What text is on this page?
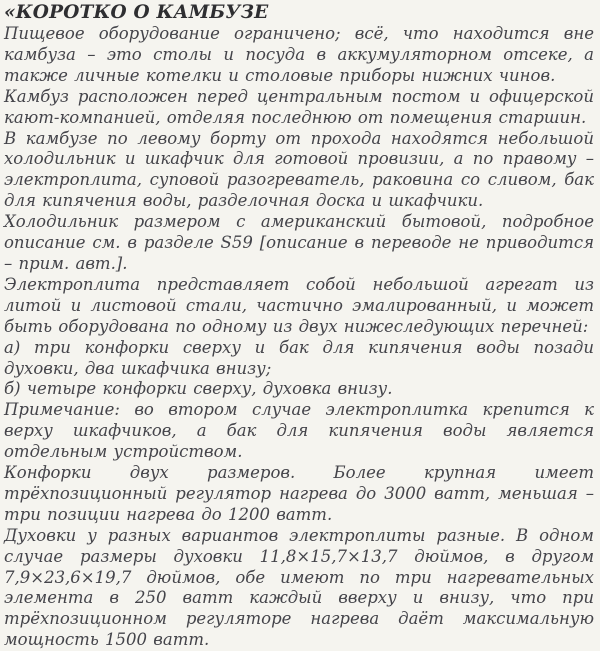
«КОРОТКО О КАМБУЗЕ

Пищевое оборудование ограничено; всё, что находится вне камбуза – это столы и посуда в аккумуляторном отсеке, а также личные котелки и столовые приборы нижних чинов.

Камбуз расположен перед центральным постом и офицерской кают-компанией, отделяя последнюю от помещения старшин.

В камбузе по левому борту от прохода находятся небольшой холодильник и шкафчик для готовой провизии, а по правому – электроплита, суповой разогреватель, раковина со сливом, бак для кипячения воды, разделочная доска и шкафчики.

Холодильник размером с американский бытовой, подробное описание см. в разделе S59 [описание в переводе не приводится – прим. авт.].

Электроплита представляет собой небольшой агрегат из литой и листовой стали, частично эмалированный, и может быть оборудована по одному из двух нижеследующих перечней:

а) три конфорки сверху и бак для кипячения воды позади духовки, два шкафчика внизу;

б) четыре конфорки сверху, духовка внизу.

Примечание: во втором случае электроплитка крепится к верху шкафчиков, а бак для кипячения воды является отдельным устройством.

Конфорки двух размеров. Более крупная имеет трёхпозиционный регулятор нагрева до 3000 ватт, меньшая – три позиции нагрева до 1200 ватт.

Духовки у разных вариантов электроплиты разные. В одном случае размеры духовки 11,8×15,7×13,7 дюймов, в другом 7,9×23,6×19,7 дюймов, обе имеют по три нагревательных элемента в 250 ватт каждый вверху и внизу, что при трёхпозиционном регуляторе нагрева даёт максимальную мощность 1500 ватт.
